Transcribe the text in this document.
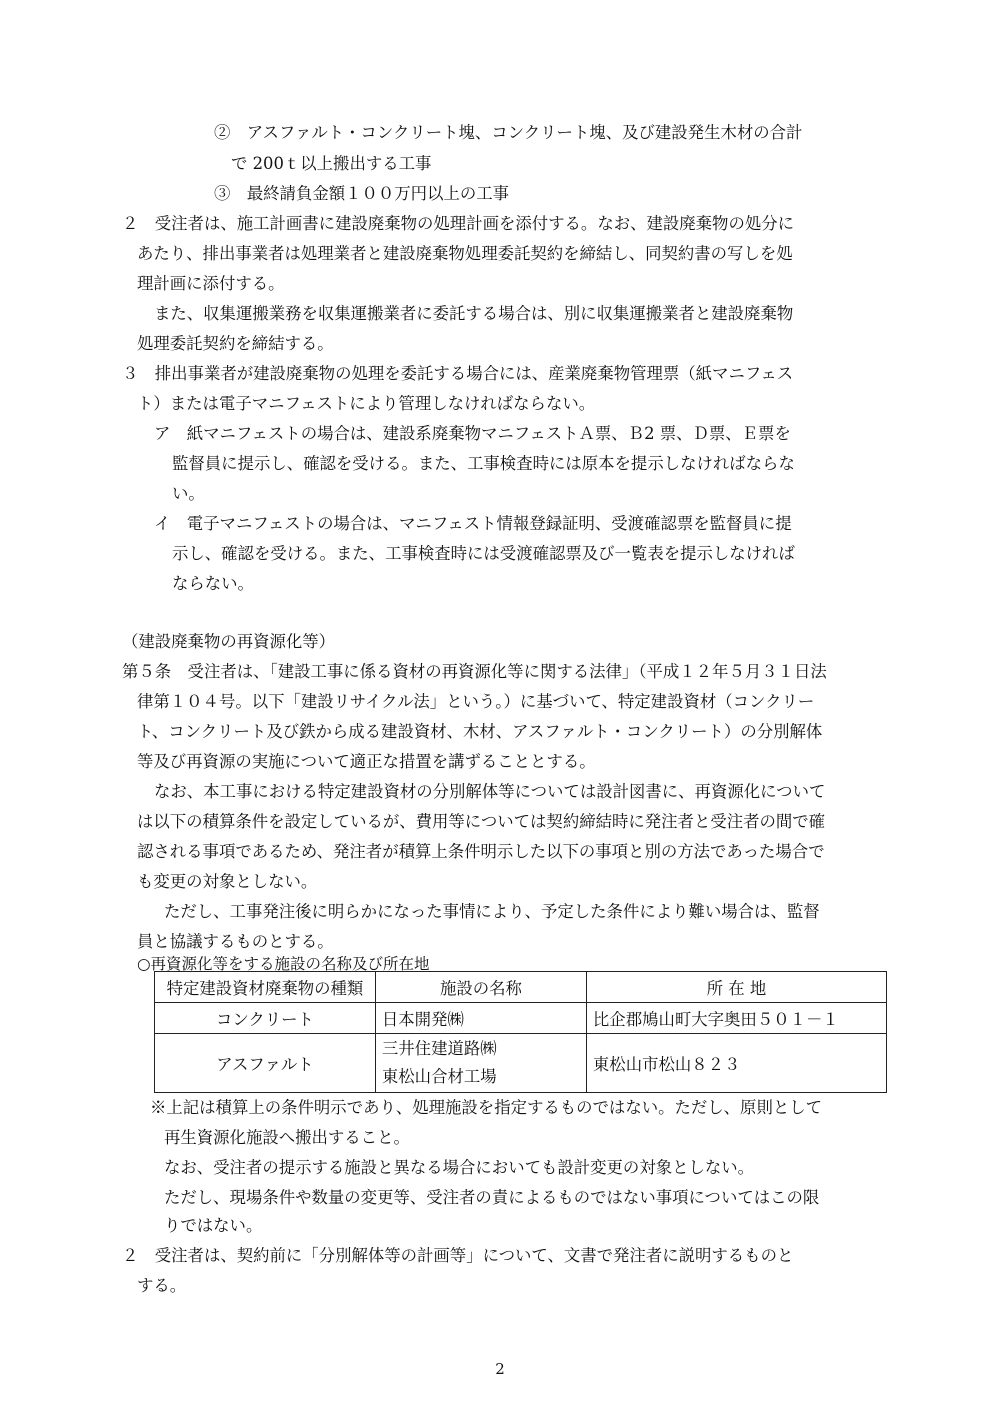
②　アスファルト・コンクリート塊、コンクリート塊、及び建設発生木材の合計
で 200ｔ以上搬出する工事
③　最終請負金額１００万円以上の工事
２　受注者は、施工計画書に建設廃棄物の処理計画を添付する。なお、建設廃棄物の処分に
あたり、排出事業者は処理業者と建設廃棄物処理委託契約を締結し、同契約書の写しを処
理計画に添付する。
また、収集運搬業務を収集運搬業者に委託する場合は、別に収集運搬業者と建設廃棄物
処理委託契約を締結する。
３　排出事業者が建設廃棄物の処理を委託する場合には、産業廃棄物管理票（紙マニフェス
ト）または電子マニフェストにより管理しなければならない。
ア　紙マニフェストの場合は、建設系廃棄物マニフェストＡ票、Ｂ2 票、Ｄ票、Ｅ票を
監督員に提示し、確認を受ける。また、工事検査時には原本を提示しなければならな
い。
イ　電子マニフェストの場合は、マニフェスト情報登録証明、受渡確認票を監督員に提
示し、確認を受ける。また、工事検査時には受渡確認票及び一覧表を提示しなければ
ならない。
（建設廃棄物の再資源化等）
第５条　受注者は、「建設工事に係る資材の再資源化等に関する法律」（平成１２年５月３１日法
律第１０４号。以下「建設リサイクル法」という。）に基づいて、特定建設資材（コンクリー
ト、コンクリート及び鉄から成る建設資材、木材、アスファルト・コンクリート）の分別解体
等及び再資源の実施について適正な措置を講ずることとする。
なお、本工事における特定建設資材の分別解体等については設計図書に、再資源化について
は以下の積算条件を設定しているが、費用等については契約締結時に発注者と受注者の間で確
認される事項であるため、発注者が積算上条件明示した以下の事項と別の方法であった場合で
も変更の対象としない。
ただし、工事発注後に明らかになった事情により、予定した条件により難い場合は、監督
員と協議するものとする。
○再資源化等をする施設の名称及び所在地
特定建設資材廃棄物の種類	施設の名称	所 在 地
コンクリート	日本開発㈱	比企郡鳩山町大字奥田５０１－１
アスファルト	三井住建道路㈱
東松山合材工場	東松山市松山８２３
※上記は積算上の条件明示であり、処理施設を指定するものではない。ただし、原則として
再生資源化施設へ搬出すること。
なお、受注者の提示する施設と異なる場合においても設計変更の対象としない。
ただし、現場条件や数量の変更等、受注者の責によるものではない事項についてはこの限
りではない。
２　受注者は、契約前に「分別解体等の計画等」について、文書で発注者に説明するものと
する。
2
